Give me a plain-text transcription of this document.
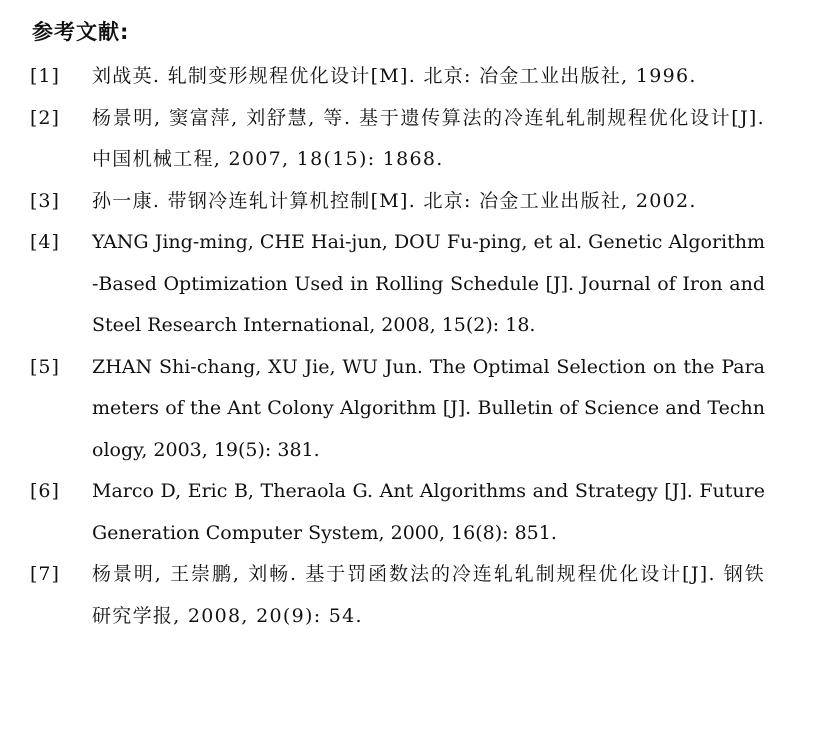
参考文献:
[1] 刘战英. 轧制变形规程优化设计[M]. 北京: 冶金工业出版社, 1996.
[2] 杨景明, 窦富萍, 刘舒慧, 等. 基于遗传算法的冷连轧轧制规程优化设计[J]. 中国机械工程, 2007, 18(15): 1868.
[3] 孙一康. 带钢冷连轧计算机控制[M]. 北京: 冶金工业出版社, 2002.
[4] YANG Jing-ming, CHE Hai-jun, DOU Fu-ping, et al. Genetic Algorithm-Based Optimization Used in Rolling Schedule [J]. Journal of Iron and Steel Research International, 2008, 15(2): 18.
[5] ZHAN Shi-chang, XU Jie, WU Jun. The Optimal Selection on the Parameters of the Ant Colony Algorithm [J]. Bulletin of Science and Technology, 2003, 19(5): 381.
[6] Marco D, Eric B, Theraola G. Ant Algorithms and Strategy [J]. Future Generation Computer System, 2000, 16(8): 851.
[7] 杨景明, 王崇鹏, 刘畅. 基于罚函数法的冷连轧轧制规程优化设计[J]. 钢铁研究学报, 2008, 20(9): 54.
